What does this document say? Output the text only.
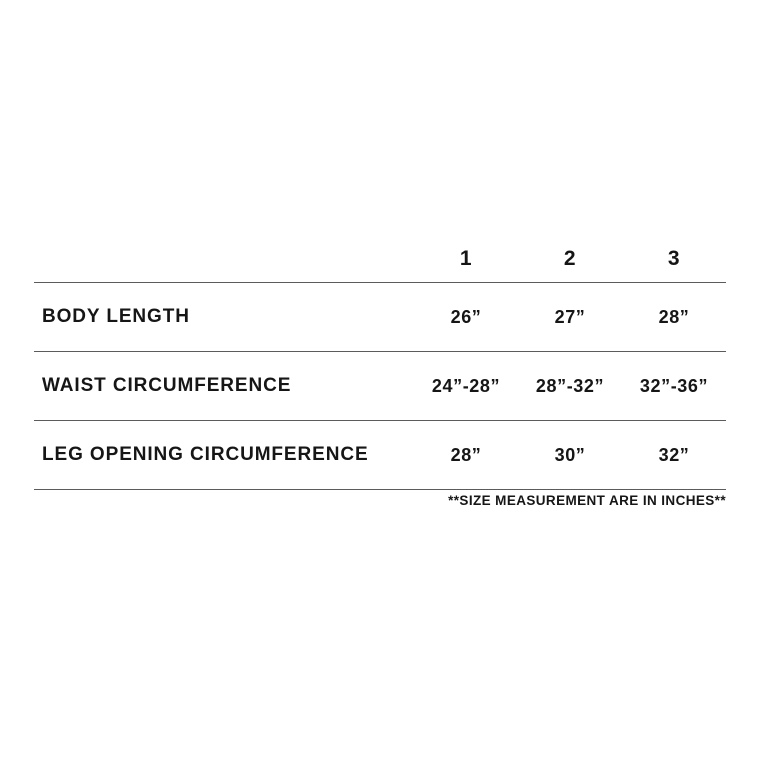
	1	2	3
BODY LENGTH	26”	27”	28”
WAIST CIRCUMFERENCE	24”-28”	28”-32”	32”-36”
LEG OPENING CIRCUMFERENCE	28”	30”	32”
**SIZE MEASUREMENT ARE IN INCHES**
